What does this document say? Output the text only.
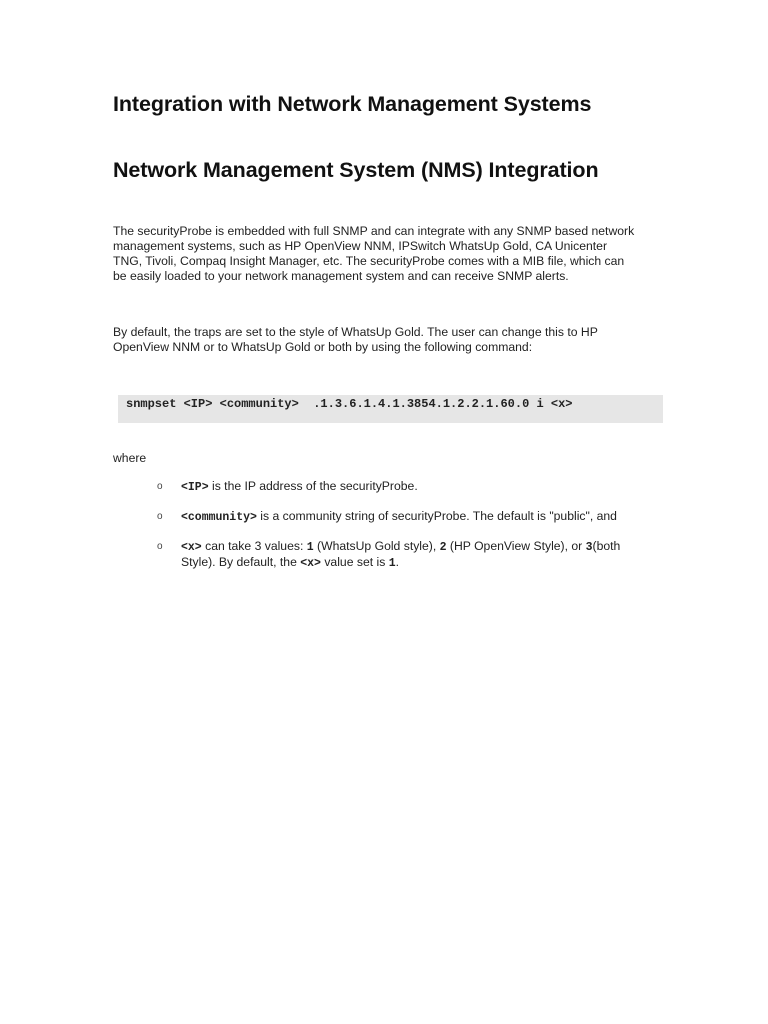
Integration with Network Management Systems
Network Management System (NMS) Integration

The securityProbe is embedded with full SNMP and can integrate with any SNMP based network
management systems, such as HP OpenView NNM, IPSwitch WhatsUp Gold, CA Unicenter
TNG, Tivoli, Compaq Insight Manager, etc. The securityProbe comes with a MIB file, which can
be easily loaded to your network management system and can receive SNMP alerts.

By default, the traps are set to the style of WhatsUp Gold. The user can change this to HP
OpenView NNM or to WhatsUp Gold or both by using the following command:

snmpset <IP> <community>  .1.3.6.1.4.1.3854.1.2.2.1.60.0 i <x>

where

o <IP> is the IP address of the securityProbe.
o <community> is a community string of securityProbe. The default is "public", and
o <x> can take 3 values: 1 (WhatsUp Gold style), 2 (HP OpenView Style), or 3(both
Style). By default, the <x> value set is 1.
